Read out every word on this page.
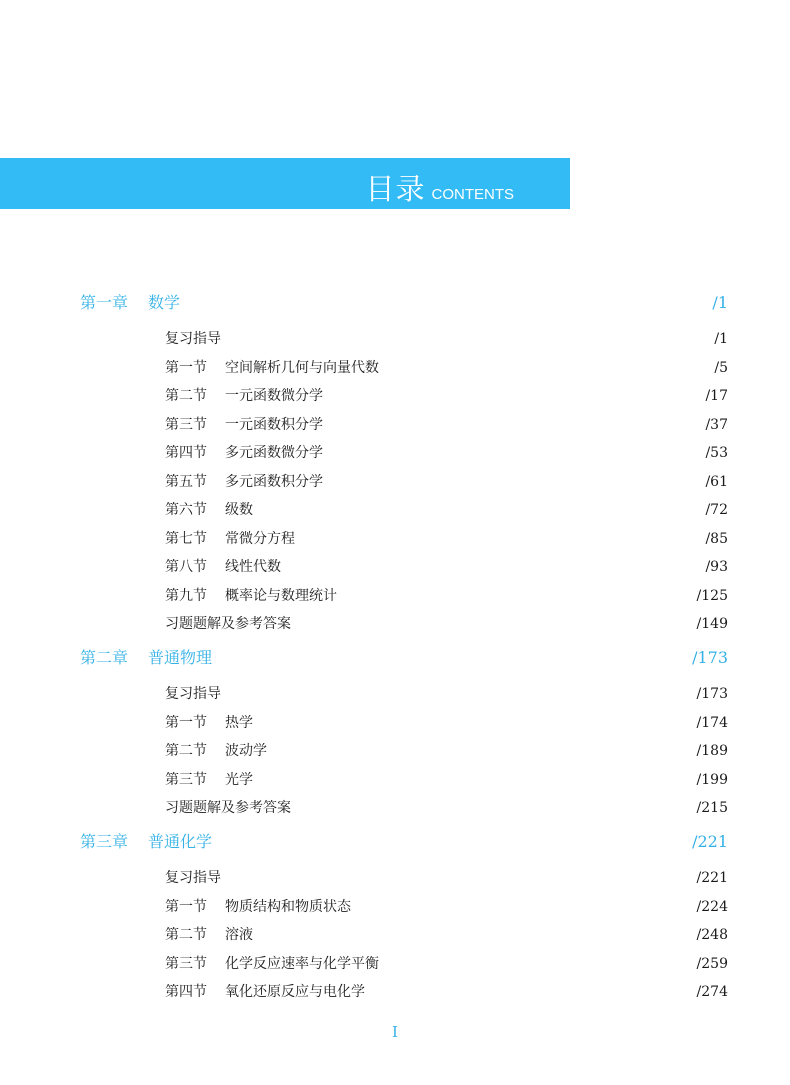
目录 CONTENTS
第一章 数学	/1
复习指导	/1
第一节 空间解析几何与向量代数	/5
第二节 一元函数微分学	/17
第三节 一元函数积分学	/37
第四节 多元函数微分学	/53
第五节 多元函数积分学	/61
第六节 级数	/72
第七节 常微分方程	/85
第八节 线性代数	/93
第九节 概率论与数理统计	/125
习题题解及参考答案	/149
第二章 普通物理	/173
复习指导	/173
第一节 热学	/174
第二节 波动学	/189
第三节 光学	/199
习题题解及参考答案	/215
第三章 普通化学	/221
复习指导	/221
第一节 物质结构和物质状态	/224
第二节 溶液	/248
第三节 化学反应速率与化学平衡	/259
第四节 氧化还原反应与电化学	/274
I
